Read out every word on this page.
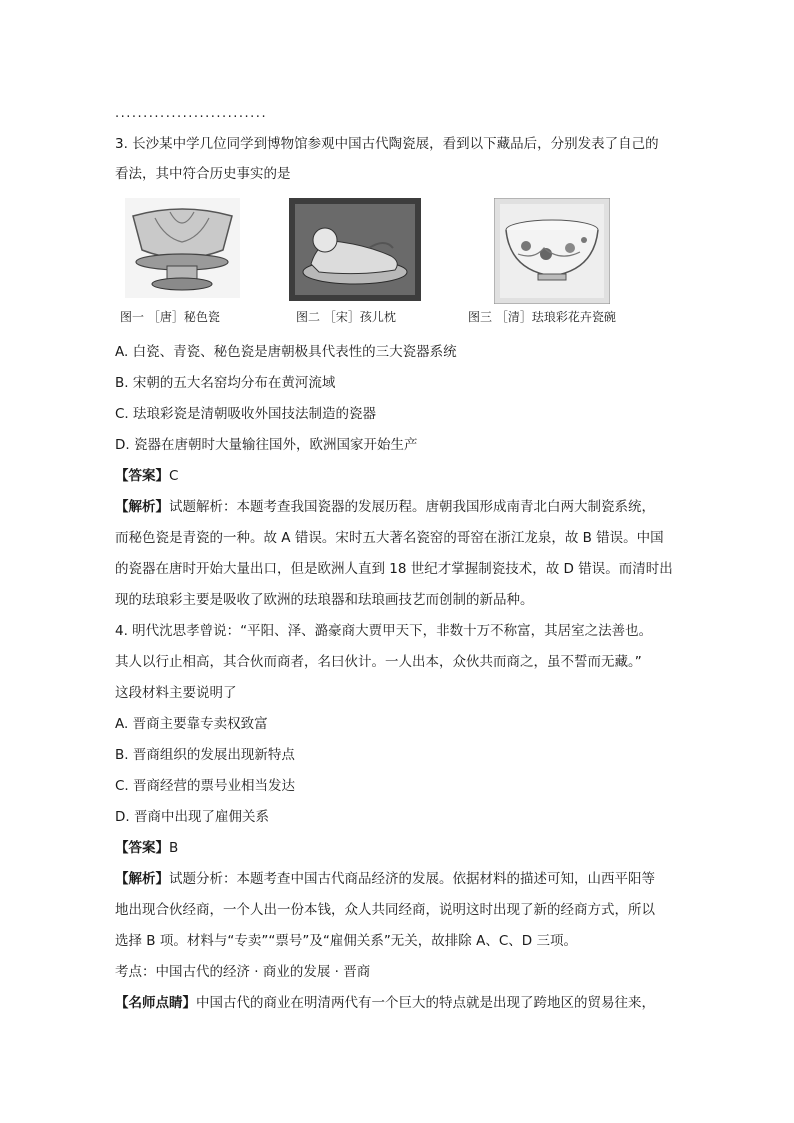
...........................
3. 长沙某中学几位同学到博物馆参观中国古代陶瓷展，看到以下藏品后，分别发表了自己的
看法，其中符合历史事实的是
图一 ［唐］秘色瓷	图二 ［宋］孩儿枕	图三 ［清］珐琅彩花卉瓷碗
A. 白瓷、青瓷、秘色瓷是唐朝极具代表性的三大瓷器系统
B. 宋朝的五大名窑均分布在黄河流域
C. 珐琅彩瓷是清朝吸收外国技法制造的瓷器
D. 瓷器在唐朝时大量输往国外，欧洲国家开始生产
【答案】C
【解析】试题解析：本题考查我国瓷器的发展历程。唐朝我国形成南青北白两大制瓷系统，
而秘色瓷是青瓷的一种。故 A 错误。宋时五大著名瓷窑的哥窑在浙江龙泉，故 B 错误。中国
的瓷器在唐时开始大量出口，但是欧洲人直到 18 世纪才掌握制瓷技术，故 D 错误。而清时出
现的珐琅彩主要是吸收了欧洲的珐琅器和珐琅画技艺而创制的新品种。
4. 明代沈思孝曾说：“平阳、泽、潞豪商大贾甲天下，非数十万不称富，其居室之法善也。
其人以行止相高，其合伙而商者，名曰伙计。一人出本，众伙共而商之，虽不誓而无藏。”
这段材料主要说明了
A. 晋商主要靠专卖权致富
B. 晋商组织的发展出现新特点
C. 晋商经营的票号业相当发达
D. 晋商中出现了雇佣关系
【答案】B
【解析】试题分析：本题考查中国古代商品经济的发展。依据材料的描述可知，山西平阳等
地出现合伙经商，一个人出一份本钱，众人共同经商，说明这时出现了新的经商方式，所以
选择 B 项。材料与“专卖”“票号”及“雇佣关系”无关，故排除 A、C、D 三项。
考点：中国古代的经济 · 商业的发展 · 晋商
【名师点睛】中国古代的商业在明清两代有一个巨大的特点就是出现了跨地区的贸易往来，
